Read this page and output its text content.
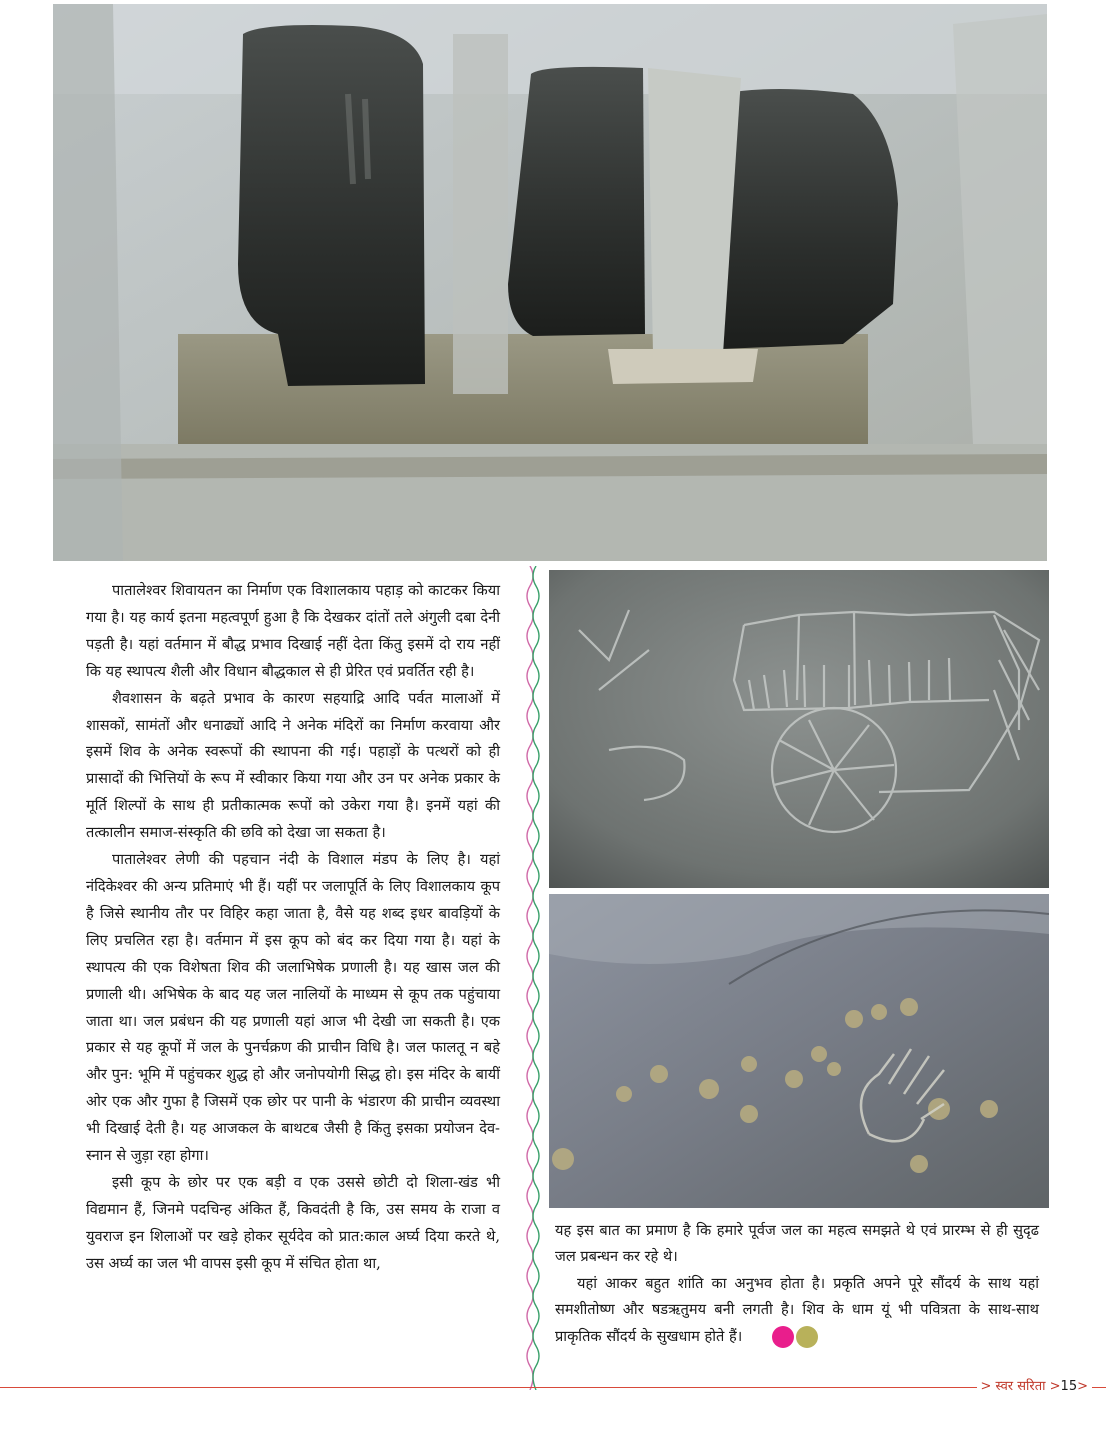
पातालेश्वर शिवायतन का निर्माण एक विशालकाय पहाड़ को काटकर किया गया है। यह कार्य इतना महत्वपूर्ण हुआ है कि देखकर दांतों तले अंगुली दबा देनी पड़ती है। यहां वर्तमान में बौद्ध प्रभाव दिखाई नहीं देता किंतु इसमें दो राय नहीं कि यह स्थापत्य शैली और विधान बौद्धकाल से ही प्रेरित एवं प्रवर्तित रही है।

शैवशासन के बढ़ते प्रभाव के कारण सहयाद्रि आदि पर्वत मालाओं में शासकों, सामंतों और धनाढ्यों आदि ने अनेक मंदिरों का निर्माण करवाया और इसमें शिव के अनेक स्वरूपों की स्थापना की गई। पहाड़ों के पत्थरों को ही प्रासादों की भित्तियों के रूप में स्वीकार किया गया और उन पर अनेक प्रकार के मूर्ति शिल्पों के साथ ही प्रतीकात्मक रूपों को उकेरा गया है। इनमें यहां की तत्कालीन समाज-संस्कृति की छवि को देखा जा सकता है।

पातालेश्वर लेणी की पहचान नंदी के विशाल मंडप के लिए है। यहां नंदिकेश्वर की अन्य प्रतिमाएं भी हैं। यहीं पर जलापूर्ति के लिए विशालकाय कूप है जिसे स्थानीय तौर पर विहिर कहा जाता है, वैसे यह शब्द इधर बावड़ियों के लिए प्रचलित रहा है। वर्तमान में इस कूप को बंद कर दिया गया है। यहां के स्थापत्य की एक विशेषता शिव की जलाभिषेक प्रणाली है। यह खास जल की प्रणाली थी। अभिषेक के बाद यह जल नालियों के माध्यम से कूप तक पहुंचाया जाता था। जल प्रबंधन की यह प्रणाली यहां आज भी देखी जा सकती है। एक प्रकार से यह कूपों में जल के पुनर्चक्रण की प्राचीन विधि है। जल फालतू न बहे और पुन: भूमि में पहुंचकर शुद्ध हो और जनोपयोगी सिद्ध हो। इस मंदिर के बायीं ओर एक और गुफा है जिसमें एक छोर पर पानी के भंडारण की प्राचीन व्यवस्था भी दिखाई देती है। यह आजकल के बाथटब जैसी है किंतु इसका प्रयोजन देव-स्नान से जुड़ा रहा होगा।

इसी कूप के छोर पर एक बड़ी व एक उससे छोटी दो शिला-खंड भी विद्यमान हैं, जिनमे पदचिन्ह अंकित हैं, किवदंती है कि, उस समय के राजा व युवराज इन शिलाओं पर खड़े होकर सूर्यदेव को प्रात:काल अर्घ्य दिया करते थे, उस अर्घ्य का जल भी वापस इसी कूप में संचित होता था,

यह इस बात का प्रमाण है कि हमारे पूर्वज जल का महत्व समझते थे एवं प्रारम्भ से ही सुदृढ जल प्रबन्धन कर रहे थे।

यहां आकर बहुत शांति का अनुभव होता है। प्रकृति अपने पूरे सौंदर्य के साथ यहां समशीतोष्ण और षडऋतुमय बनी लगती है। शिव के धाम यूं भी पवित्रता के साथ-साथ प्राकृतिक सौंदर्य के सुखधाम होते हैं।

> स्वर सरिता >15>
